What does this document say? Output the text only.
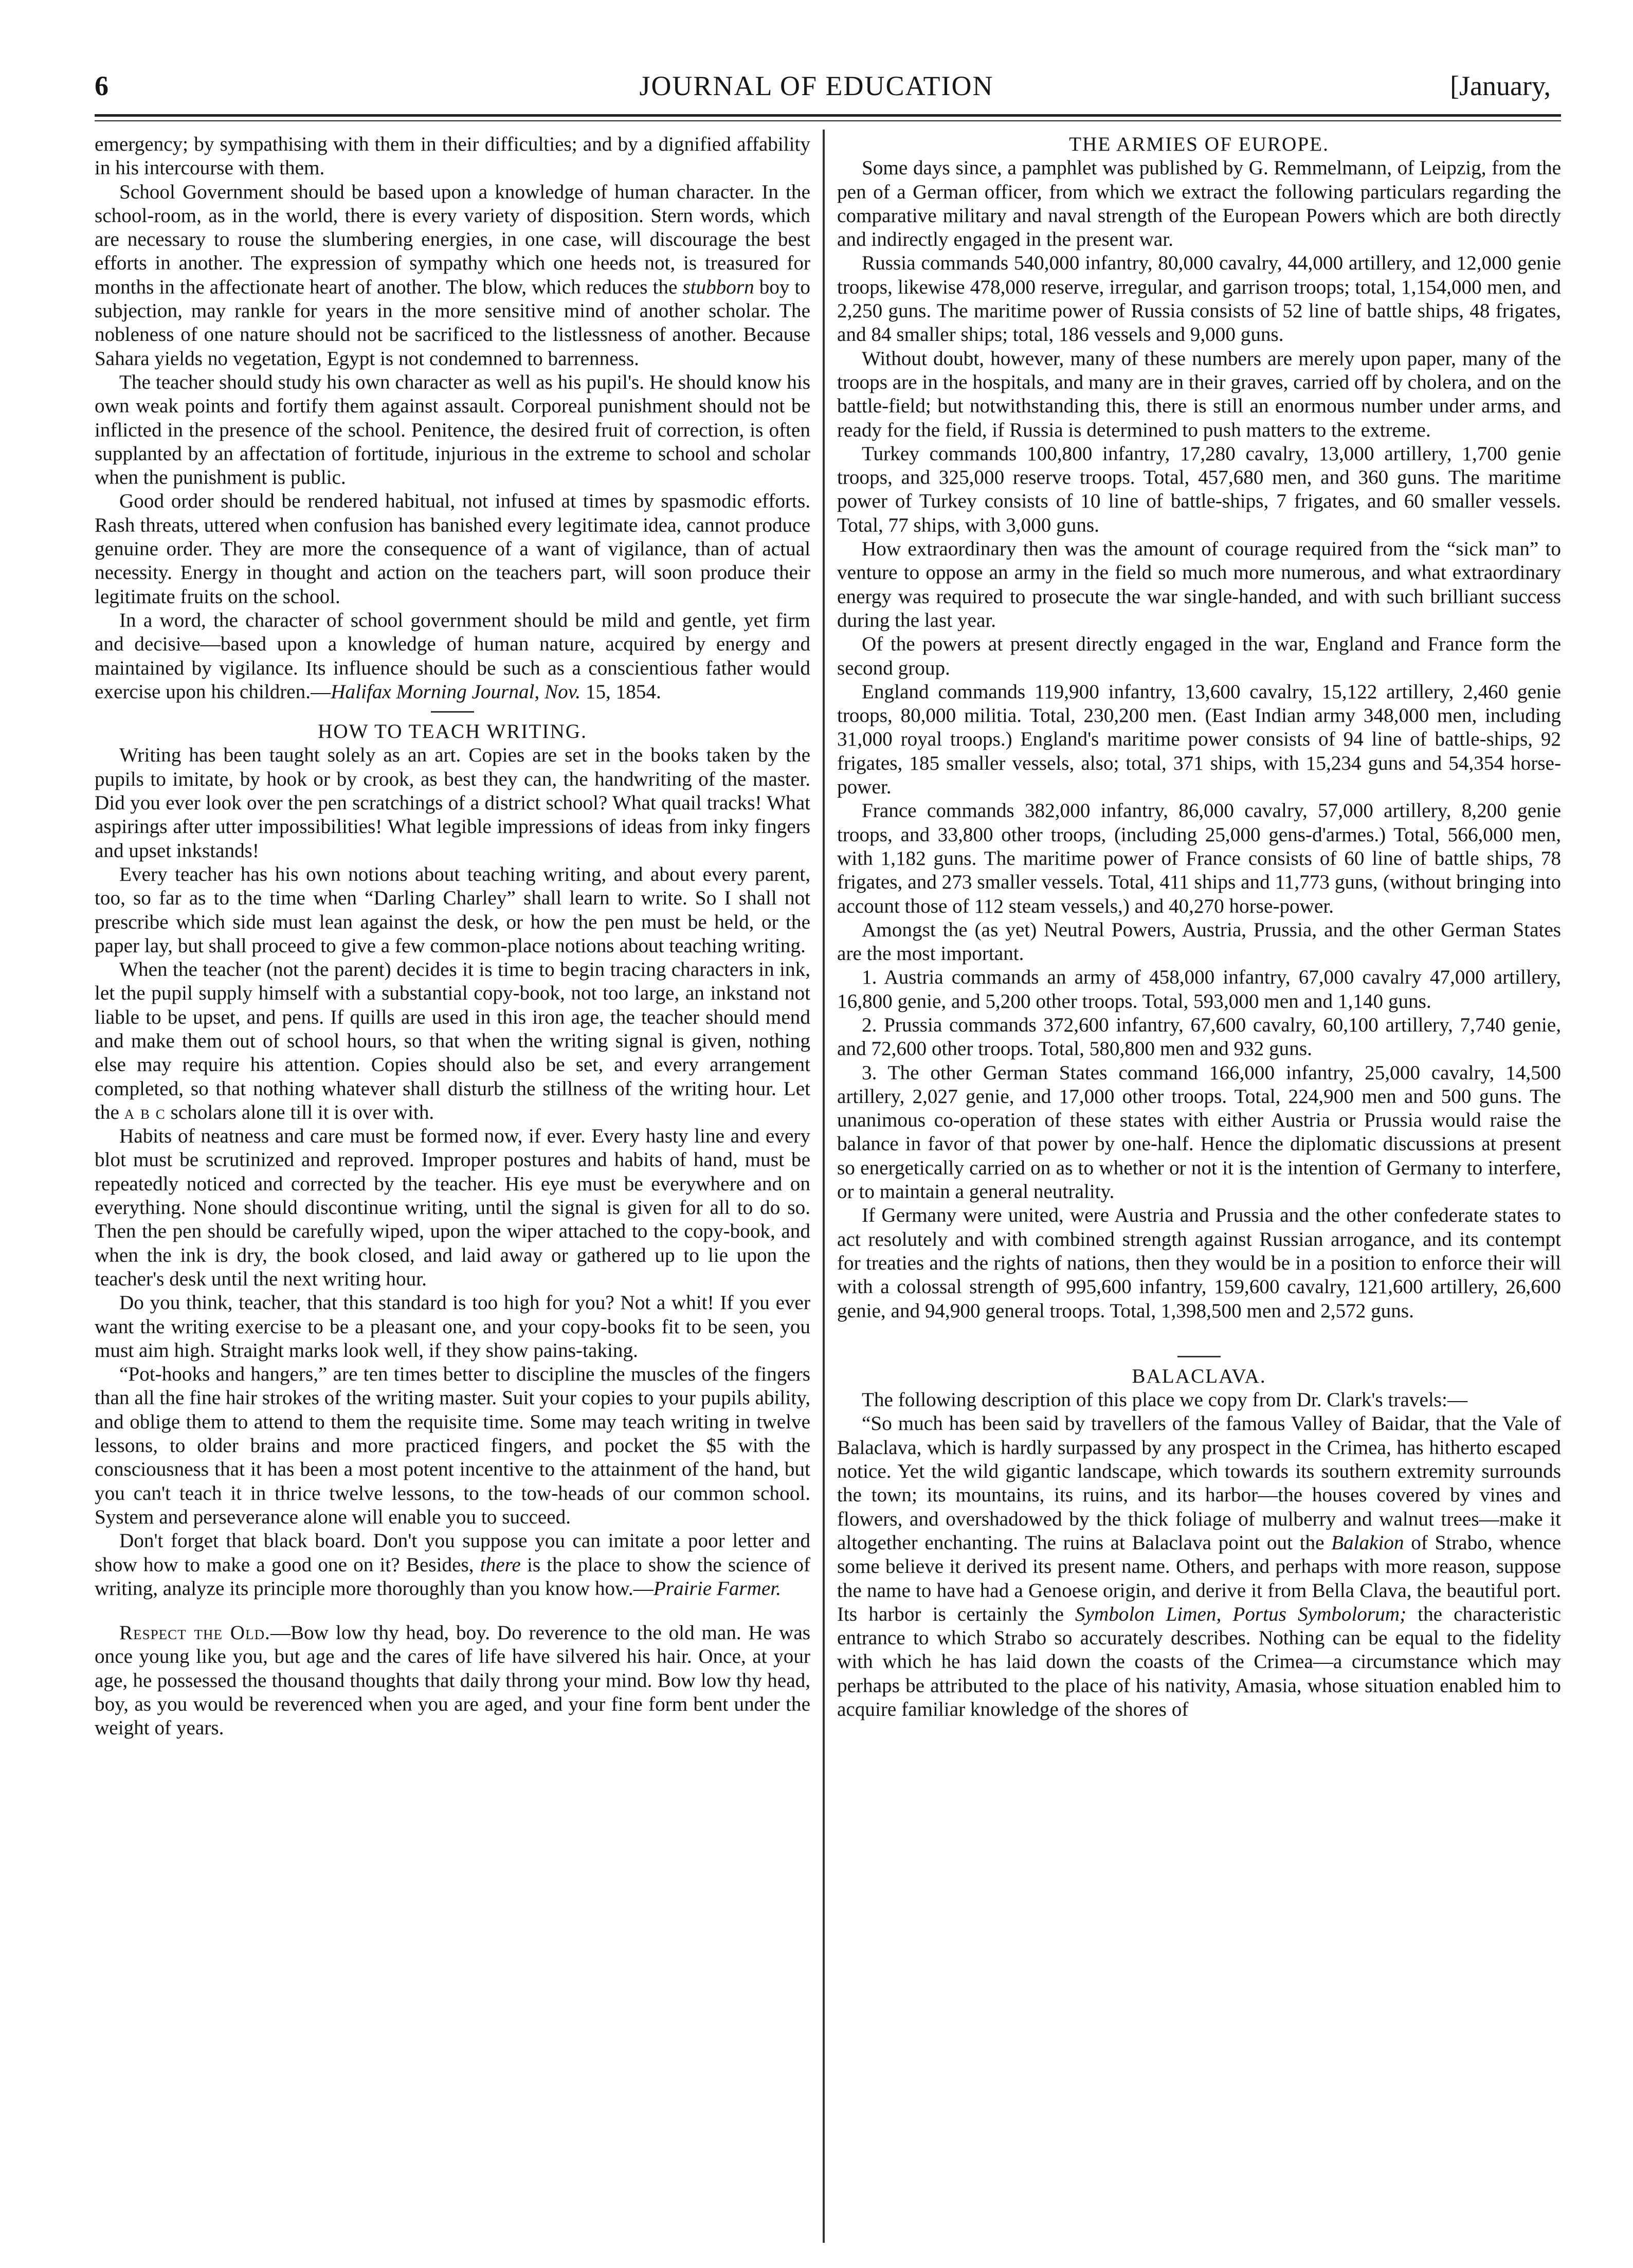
6	JOURNAL OF EDUCATION	[January,

emergency; by sympathising with them in their difficulties; and by a dignified affability in his intercourse with them.

School Government should be based upon a knowledge of human character. In the school-room, as in the world, there is every variety of disposition. Stern words, which are necessary to rouse the slumbering energies, in one case, will discourage the best efforts in another. The expression of sympathy which one heeds not, is treasured for months in the affectionate heart of another. The blow, which reduces the stubborn boy to subjection, may rankle for years in the more sensitive mind of another scholar. The nobleness of one nature should not be sacrificed to the listlessness of another. Because Sahara yields no vegetation, Egypt is not condemned to barrenness.

The teacher should study his own character as well as his pupil's. He should know his own weak points and fortify them against assault. Corporeal punishment should not be inflicted in the presence of the school. Penitence, the desired fruit of correction, is often supplanted by an affectation of fortitude, injurious in the extreme to school and scholar when the punishment is public.

Good order should be rendered habitual, not infused at times by spasmodic efforts. Rash threats, uttered when confusion has banished every legitimate idea, cannot produce genuine order. They are more the consequence of a want of vigilance, than of actual necessity. Energy in thought and action on the teachers part, will soon produce their legitimate fruits on the school.

In a word, the character of school government should be mild and gentle, yet firm and decisive—based upon a knowledge of human nature, acquired by energy and maintained by vigilance. Its influence should be such as a conscientious father would exercise upon his children.—Halifax Morning Journal, Nov. 15, 1854.

HOW TO TEACH WRITING.

Writing has been taught solely as an art. Copies are set in the books taken by the pupils to imitate, by hook or by crook, as best they can, the handwriting of the master. Did you ever look over the pen scratchings of a district school? What quail tracks! What aspirings after utter impossibilities! What legible impressions of ideas from inky fingers and upset inkstands!

Every teacher has his own notions about teaching writing, and about every parent, too, so far as to the time when “Darling Charley” shall learn to write. So I shall not prescribe which side must lean against the desk, or how the pen must be held, or the paper lay, but shall proceed to give a few common-place notions about teaching writing.

When the teacher (not the parent) decides it is time to begin tracing characters in ink, let the pupil supply himself with a substantial copy-book, not too large, an inkstand not liable to be upset, and pens. If quills are used in this iron age, the teacher should mend and make them out of school hours, so that when the writing signal is given, nothing else may require his attention. Copies should also be set, and every arrangement completed, so that nothing whatever shall disturb the stillness of the writing hour. Let the a b c scholars alone till it is over with.

Habits of neatness and care must be formed now, if ever. Every hasty line and every blot must be scrutinized and reproved. Improper postures and habits of hand, must be repeatedly noticed and corrected by the teacher. His eye must be everywhere and on everything. None should discontinue writing, until the signal is given for all to do so. Then the pen should be carefully wiped, upon the wiper attached to the copy-book, and when the ink is dry, the book closed, and laid away or gathered up to lie upon the teacher's desk until the next writing hour.

Do you think, teacher, that this standard is too high for you? Not a whit! If you ever want the writing exercise to be a pleasant one, and your copy-books fit to be seen, you must aim high. Straight marks look well, if they show pains-taking.

“Pot-hooks and hangers,” are ten times better to discipline the muscles of the fingers than all the fine hair strokes of the writing master. Suit your copies to your pupils ability, and oblige them to attend to them the requisite time. Some may teach writing in twelve lessons, to older brains and more practiced fingers, and pocket the $5 with the consciousness that it has been a most potent incentive to the attainment of the hand, but you can't teach it in thrice twelve lessons, to the tow-heads of our common school. System and perseverance alone will enable you to succeed.

Don't forget that black board. Don't you suppose you can imitate a poor letter and show how to make a good one on it? Besides, there is the place to show the science of writing, analyze its principle more thoroughly than you know how.—Prairie Farmer.

Respect the Old.—Bow low thy head, boy. Do reverence to the old man. He was once young like you, but age and the cares of life have silvered his hair. Once, at your age, he possessed the thousand thoughts that daily throng your mind. Bow low thy head, boy, as you would be reverenced when you are aged, and your fine form bent under the weight of years.

THE ARMIES OF EUROPE.

Some days since, a pamphlet was published by G. Remmelmann, of Leipzig, from the pen of a German officer, from which we extract the following particulars regarding the comparative military and naval strength of the European Powers which are both directly and indirectly engaged in the present war.

Russia commands 540,000 infantry, 80,000 cavalry, 44,000 artillery, and 12,000 genie troops, likewise 478,000 reserve, irregular, and garrison troops; total, 1,154,000 men, and 2,250 guns. The maritime power of Russia consists of 52 line of battle ships, 48 frigates, and 84 smaller ships; total, 186 vessels and 9,000 guns.

Without doubt, however, many of these numbers are merely upon paper, many of the troops are in the hospitals, and many are in their graves, carried off by cholera, and on the battle-field; but notwithstanding this, there is still an enormous number under arms, and ready for the field, if Russia is determined to push matters to the extreme.

Turkey commands 100,800 infantry, 17,280 cavalry, 13,000 artillery, 1,700 genie troops, and 325,000 reserve troops. Total, 457,680 men, and 360 guns. The maritime power of Turkey consists of 10 line of battle-ships, 7 frigates, and 60 smaller vessels. Total, 77 ships, with 3,000 guns.

How extraordinary then was the amount of courage required from the “sick man” to venture to oppose an army in the field so much more numerous, and what extraordinary energy was required to prosecute the war single-handed, and with such brilliant success during the last year.

Of the powers at present directly engaged in the war, England and France form the second group.

England commands 119,900 infantry, 13,600 cavalry, 15,122 artillery, 2,460 genie troops, 80,000 militia. Total, 230,200 men. (East Indian army 348,000 men, including 31,000 royal troops.) England's maritime power consists of 94 line of battle-ships, 92 frigates, 185 smaller vessels, also; total, 371 ships, with 15,234 guns and 54,354 horse-power.

France commands 382,000 infantry, 86,000 cavalry, 57,000 artillery, 8,200 genie troops, and 33,800 other troops, (including 25,000 gens-d'armes.) Total, 566,000 men, with 1,182 guns. The maritime power of France consists of 60 line of battle ships, 78 frigates, and 273 smaller vessels. Total, 411 ships and 11,773 guns, (without bringing into account those of 112 steam vessels,) and 40,270 horse-power.

Amongst the (as yet) Neutral Powers, Austria, Prussia, and the other German States are the most important.

1. Austria commands an army of 458,000 infantry, 67,000 cavalry 47,000 artillery, 16,800 genie, and 5,200 other troops. Total, 593,000 men and 1,140 guns.

2. Prussia commands 372,600 infantry, 67,600 cavalry, 60,100 artillery, 7,740 genie, and 72,600 other troops. Total, 580,800 men and 932 guns.

3. The other German States command 166,000 infantry, 25,000 cavalry, 14,500 artillery, 2,027 genie, and 17,000 other troops. Total, 224,900 men and 500 guns. The unanimous co-operation of these states with either Austria or Prussia would raise the balance in favor of that power by one-half. Hence the diplomatic discussions at present so energetically carried on as to whether or not it is the intention of Germany to interfere, or to maintain a general neutrality.

If Germany were united, were Austria and Prussia and the other confederate states to act resolutely and with combined strength against Russian arrogance, and its contempt for treaties and the rights of nations, then they would be in a position to enforce their will with a colossal strength of 995,600 infantry, 159,600 cavalry, 121,600 artillery, 26,600 genie, and 94,900 general troops. Total, 1,398,500 men and 2,572 guns.

BALACLAVA.

The following description of this place we copy from Dr. Clark's travels:—

“So much has been said by travellers of the famous Valley of Baidar, that the Vale of Balaclava, which is hardly surpassed by any prospect in the Crimea, has hitherto escaped notice. Yet the wild gigantic landscape, which towards its southern extremity surrounds the town; its mountains, its ruins, and its harbor—the houses covered by vines and flowers, and overshadowed by the thick foliage of mulberry and walnut trees—make it altogether enchanting. The ruins at Balaclava point out the Balakion of Strabo, whence some believe it derived its present name. Others, and perhaps with more reason, suppose the name to have had a Genoese origin, and derive it from Bella Clava, the beautiful port. Its harbor is certainly the Symbolon Limen, Portus Symbolorum; the characteristic entrance to which Strabo so accurately describes. Nothing can be equal to the fidelity with which he has laid down the coasts of the Crimea—a circumstance which may perhaps be attributed to the place of his nativity, Amasia, whose situation enabled him to acquire familiar knowledge of the shores of
